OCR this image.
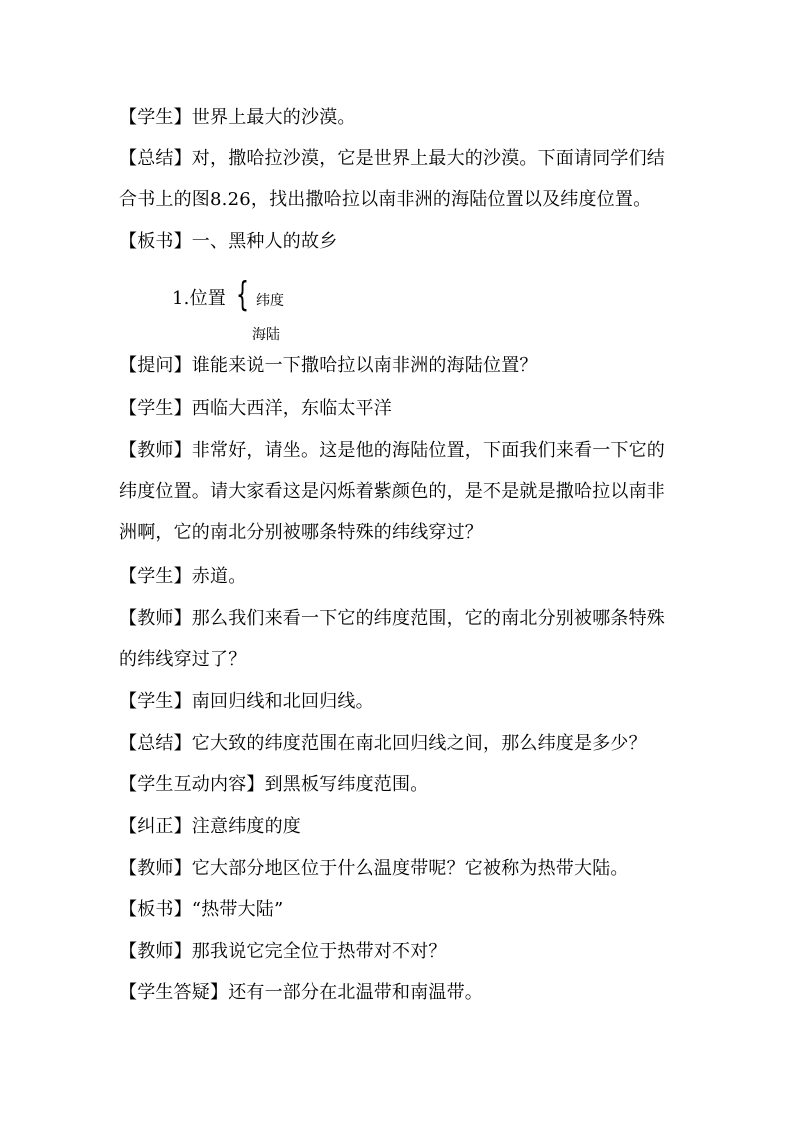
【学生】世界上最大的沙漠。
【总结】对，撒哈拉沙漠，它是世界上最大的沙漠。下面请同学们结
合书上的图8.26，找出撒哈拉以南非洲的海陆位置以及纬度位置。
【板书】一、黑种人的故乡
1.位置 { 纬度
海陆
【提问】谁能来说一下撒哈拉以南非洲的海陆位置？
【学生】西临大西洋，东临太平洋
【教师】非常好，请坐。这是他的海陆位置，下面我们来看一下它的
纬度位置。请大家看这是闪烁着紫颜色的，是不是就是撒哈拉以南非
洲啊，它的南北分别被哪条特殊的纬线穿过？
【学生】赤道。
【教师】那么我们来看一下它的纬度范围，它的南北分别被哪条特殊
的纬线穿过了？
【学生】南回归线和北回归线。
【总结】它大致的纬度范围在南北回归线之间，那么纬度是多少？
【学生互动内容】到黑板写纬度范围。
【纠正】注意纬度的度
【教师】它大部分地区位于什么温度带呢？它被称为热带大陆。
【板书】“热带大陆”
【教师】那我说它完全位于热带对不对？
【学生答疑】还有一部分在北温带和南温带。
